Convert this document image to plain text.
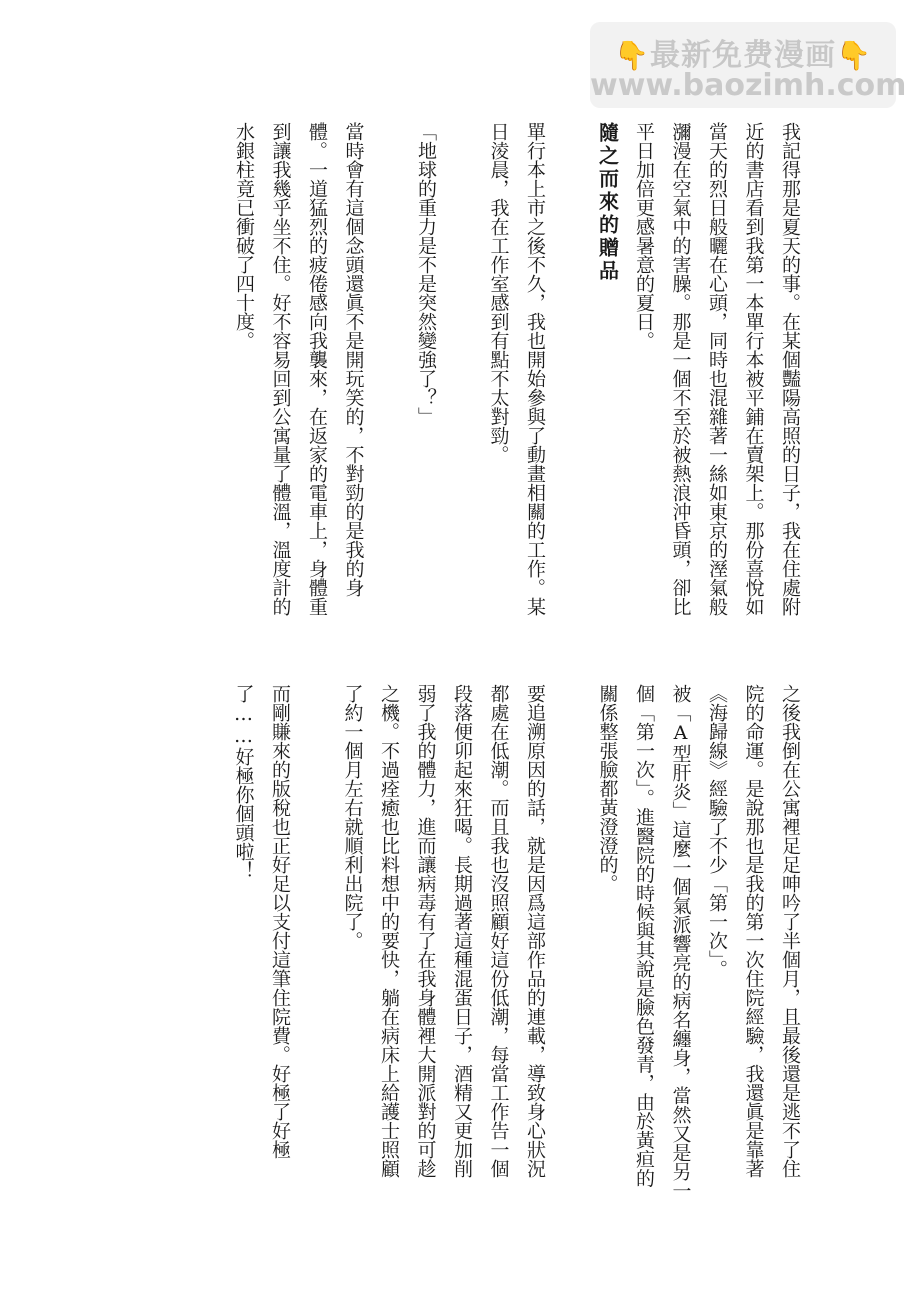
👇最新免费漫画👇
www.baozimh.com

我記得那是夏天的事。在某個豔陽高照的日子，我在住處附
近的書店看到我第一本單行本被平鋪在賣架上。那份喜悅如
當天的烈日般曬在心頭，同時也混雜著一絲如東京的溼氣般
瀰漫在空氣中的害臊。那是一個不至於被熱浪沖昏頭，卻比
平日加倍更感暑意的夏日。

隨之而來的贈品

單行本上市之後不久，我也開始參與了動畫相關的工作。某
日淩晨，我在工作室感到有點不太對勁。

「地球的重力是不是突然變強了？」

當時會有這個念頭還眞不是開玩笑的，不對勁的是我的身
體。一道猛烈的疲倦感向我襲來，在返家的電車上，身體重
到讓我幾乎坐不住。好不容易回到公寓量了體溫，溫度計的
水銀柱竟已衝破了四十度。

之後我倒在公寓裡足足呻吟了半個月，且最後還是逃不了住
院的命運。是說那也是我的第一次住院經驗，我還眞是靠著
《海歸線》經驗了不少「第一次」。

被「A型肝炎」這麼一個氣派響亮的病名纏身，當然又是另一
個「第一次」。進醫院的時候與其說是臉色發青，由於黃疸的
關係整張臉都黃澄澄的。

要追溯原因的話，就是因爲這部作品的連載，導致身心狀況
都處在低潮。而且我也沒照顧好這份低潮，每當工作告一個
段落便卯起來狂喝。長期過著這種混蛋日子，酒精又更加削
弱了我的體力，進而讓病毒有了在我身體裡大開派對的可趁
之機。不過痊癒也比料想中的要快，躺在病床上給護士照顧
了約一個月左右就順利出院了。

而剛賺來的版稅也正好足以支付這筆住院費。好極了好極
了……好極你個頭啦！
